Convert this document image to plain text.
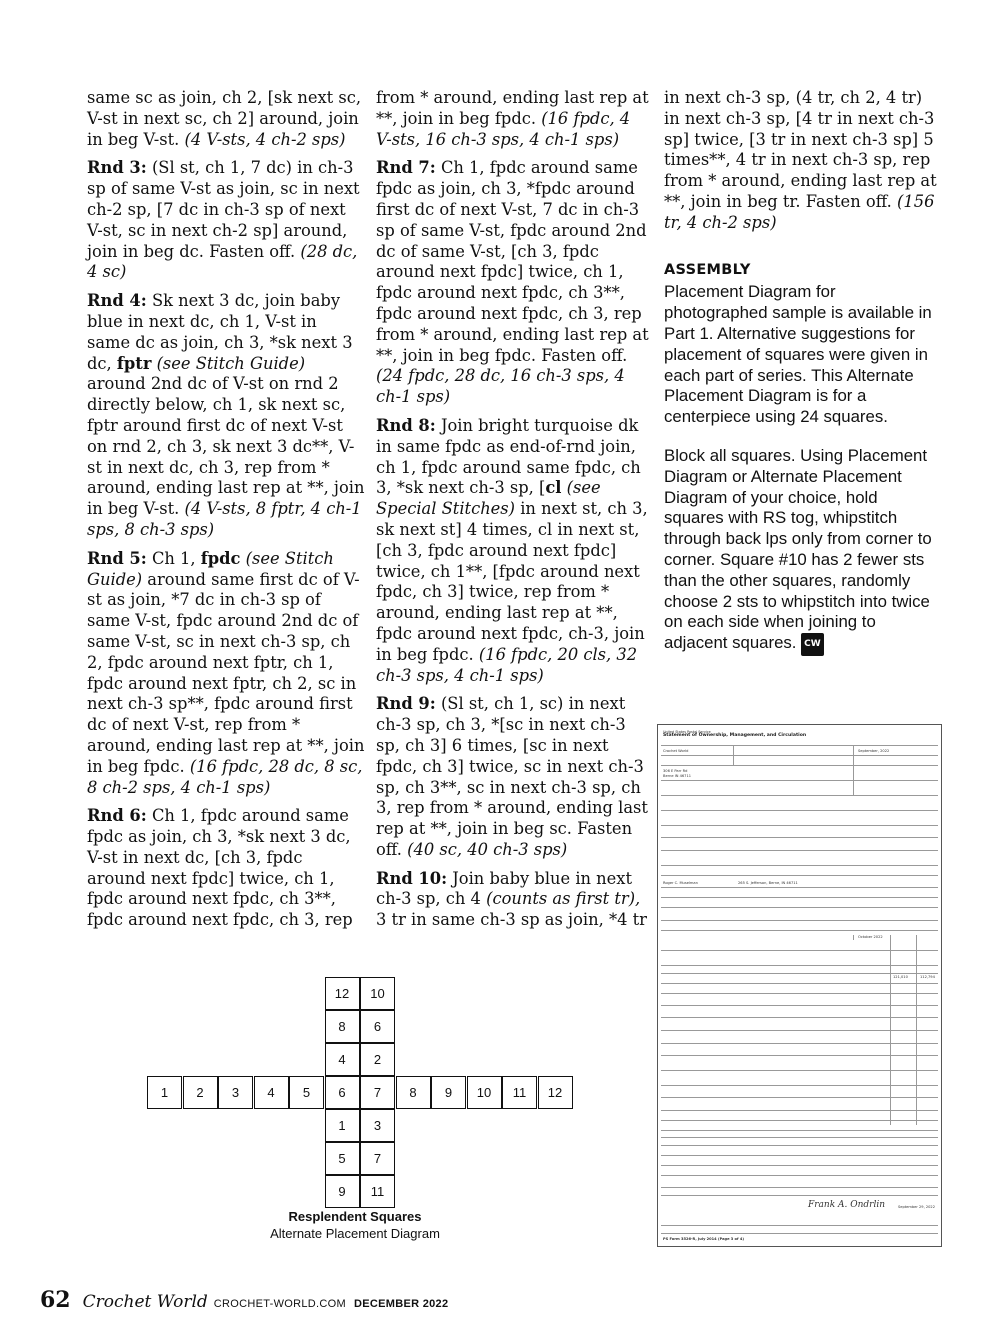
same sc as join, ch 2, [sk next sc, V-st in next sc, ch 2] around, join in beg V-st. (4 V-sts, 4 ch-2 sps)

Rnd 3: (Sl st, ch 1, 7 dc) in ch-3 sp of same V-st as join, sc in next ch-2 sp, [7 dc in ch-3 sp of next V-st, sc in next ch-2 sp] around, join in beg dc. Fasten off. (28 dc, 4 sc)

Rnd 4: Sk next 3 dc, join baby blue in next dc, ch 1, V-st in same dc as join, ch 3, *sk next 3 dc, fptr (see Stitch Guide) around 2nd dc of V-st on rnd 2 directly below, ch 1, sk next sc, fptr around first dc of next V-st on rnd 2, ch 3, sk next 3 dc**, V-st in next dc, ch 3, rep from * around, ending last rep at **, join in beg V-st. (4 V-sts, 8 fptr, 4 ch-1 sps, 8 ch-3 sps)

Rnd 5: Ch 1, fpdc (see Stitch Guide) around same first dc of V-st as join, *7 dc in ch-3 sp of same V-st, fpdc around 2nd dc of same V-st, sc in next ch-3 sp, ch 2, fpdc around next fptr, ch 1, fpdc around next fptr, ch 2, sc in next ch-3 sp**, fpdc around first dc of next V-st, rep from * around, ending last rep at **, join in beg fpdc. (16 fpdc, 28 dc, 8 sc, 8 ch-2 sps, 4 ch-1 sps)

Rnd 6: Ch 1, fpdc around same fpdc as join, ch 3, *sk next 3 dc, V-st in next dc, [ch 3, fpdc around next fpdc] twice, ch 1, fpdc around next fpdc, ch 3**, fpdc around next fpdc, ch 3, rep

from * around, ending last rep at **, join in beg fpdc. (16 fpdc, 4 V-sts, 16 ch-3 sps, 4 ch-1 sps)

Rnd 7: Ch 1, fpdc around same fpdc as join, ch 3, *fpdc around first dc of next V-st, 7 dc in ch-3 sp of same V-st, fpdc around 2nd dc of same V-st, [ch 3, fpdc around next fpdc] twice, ch 1, fpdc around next fpdc, ch 3**, fpdc around next fpdc, ch 3, rep from * around, ending last rep at **, join in beg fpdc. Fasten off. (24 fpdc, 28 dc, 16 ch-3 sps, 4 ch-1 sps)

Rnd 8: Join bright turquoise dk in same fpdc as end-of-rnd join, ch 1, fpdc around same fpdc, ch 3, *sk next ch-3 sp, [cl (see Special Stitches) in next st, ch 3, sk next st] 4 times, cl in next st, [ch 3, fpdc around next fpdc] twice, ch 1**, [fpdc around next fpdc, ch 3] twice, rep from * around, ending last rep at **, fpdc around next fpdc, ch-3, join in beg fpdc. (16 fpdc, 20 cls, 32 ch-3 sps, 4 ch-1 sps)

Rnd 9: (Sl st, ch 1, sc) in next ch-3 sp, ch 3, *[sc in next ch-3 sp, ch 3] 6 times, [sc in next fpdc, ch 3] twice, sc in next ch-3 sp, ch 3**, sc in next ch-3 sp, ch 3, rep from * around, ending last rep at **, join in beg sc. Fasten off. (40 sc, 40 ch-3 sps)

Rnd 10: Join baby blue in next ch-3 sp, ch 4 (counts as first tr), 3 tr in same ch-3 sp as join, *4 tr

in next ch-3 sp, (4 tr, ch 2, 4 tr) in next ch-3 sp, [4 tr in next ch-3 sp] twice, [3 tr in next ch-3 sp] 5 times**, 4 tr in next ch-3 sp, rep from * around, ending last rep at **, join in beg tr. Fasten off. (156 tr, 4 ch-2 sps)

ASSEMBLY

Placement Diagram for photographed sample is available in Part 1. Alternative suggestions for placement of squares were given in each part of series. This Alternate Placement Diagram is for a centerpiece using 24 squares.

Block all squares. Using Placement Diagram or Alternate Placement Diagram of your choice, hold squares with RS tog, whipstitch through back lps only from corner to corner. Square #10 has 2 fewer sts than the other squares, randomly choose 2 sts to whipstitch into twice on each side when joining to adjacent squares. CW

12	10
8	6
4	2
1	2	3	4	5	6	7	8	9	10	11	12
1	3
5	7
9	11
Resplendent Squares
Alternate Placement Diagram
United States Postal Service
Statement of Ownership, Management, and Circulation
Crochet World	September, 2022
306 E Parr Rd
Berne IN 46711
Roger C. Muselman	265 S. Jefferson, Berne, IN 46711
October 2022
121,010	112,794
Frank A. Ondrlin	September 29, 2022
PS Form 3526-R, July 2014 (Page 3 of 4)
62 Crochet World CROCHET-WORLD.COM DECEMBER 2022
